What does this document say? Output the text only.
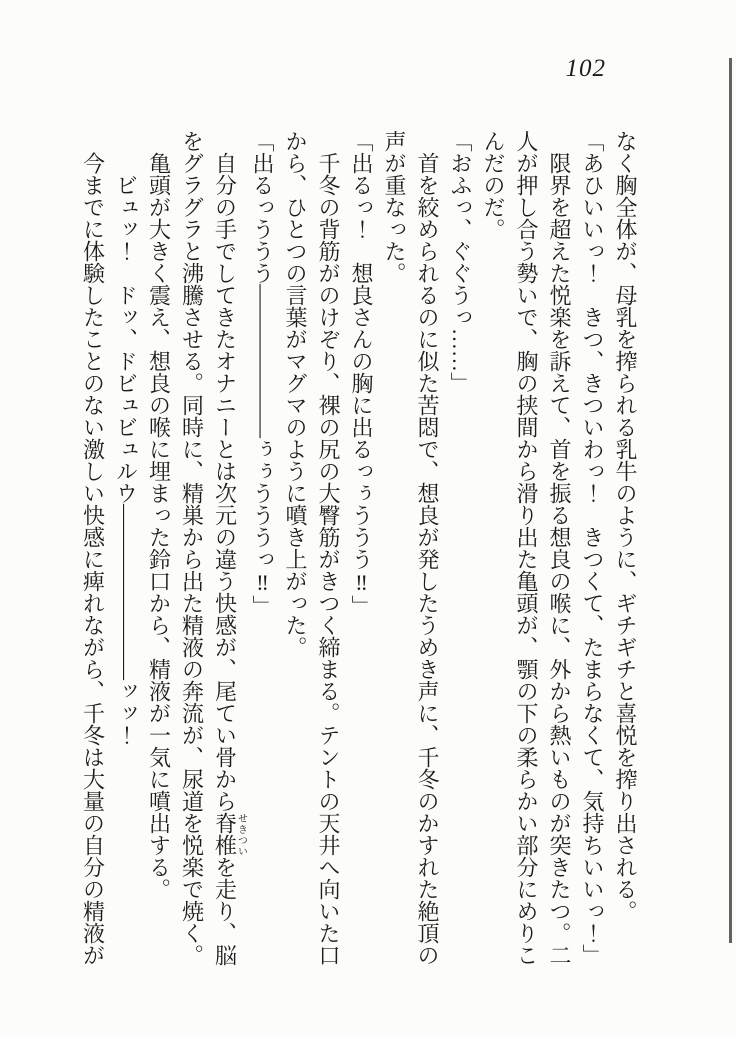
102

なく胸全体が、母乳を搾られる乳牛のように、ギチギチと喜悦を搾り出される。

「あひいいっ！　きつ、きついわっ！　きつくて、たまらなくて、気持ちいいっ！」

　限界を超えた悦楽を訴えて、首を振る想良の喉に、外から熱いものが突きたつ。二

人が押し合う勢いで、胸の挟間から滑り出た亀頭が、顎の下の柔らかい部分にめりこ

んだのだ。

「おふっ、ぐぐうっ……」

　首を絞められるのに似た苦悶で、想良が発したうめき声に、千冬のかすれた絶頂の

声が重なった。

「出るっ！　想良さんの胸に出るっぅううう‼」

　千冬の背筋がのけぞり、裸の尻の大臀筋がきつく締まる。テントの天井へ向いた口

から、ひとつの言葉がマグマのように噴き上がった。

「出るっううう―――――――ぅぅうううっ‼」

　自分の手でしてきたオナニーとは次元の違う快感が、尾てい骨から脊椎せきついを走り、脳

をグラグラと沸騰させる。同時に、精巣から出た精液の奔流が、尿道を悦楽で焼く。

　亀頭が大きく震え、想良の喉に埋まった鈴口から、精液が一気に噴出する。

　　ビュッ！　ドッ、ドビュビュルウ――――――――ッッ！

　今までに体験したことのない激しい快感に痺れながら、千冬は大量の自分の精液が
